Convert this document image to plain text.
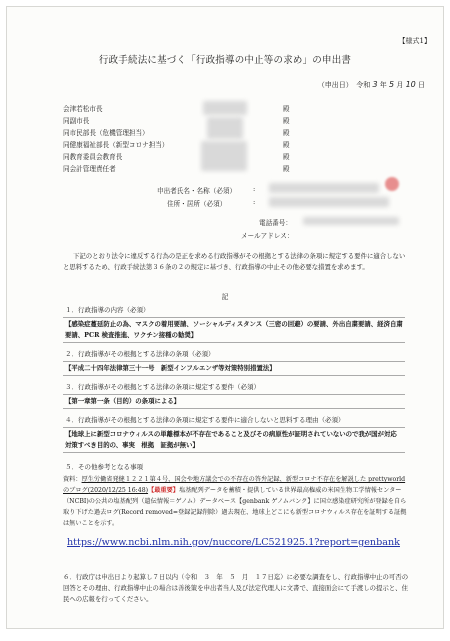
【様式1】
行政手続法に基づく「行政指導の中止等の求め」の申出書
（申出日）　令和 3 年 5 月 10 日
会津若松市長	殿
同副市長	殿
同市民部長（危機管理担当）	殿
同健康福祉部長（新型コロナ担当）	殿
同教育委員会教育長	殿
同会計管理責任者	殿
申出者氏名・名称（必須）	:
住所・居所（必須）	:
電話番号：
メールアドレス：
下記のとおり法令に違反する行為の是正を求める行政指導がその根拠とする法律の条項に規定する要件に適合しないと思料するため、行政手続法第３６条の２の規定に基づき、行政指導の中止その他必要な措置を求めます。
記
１．行政指導の内容（必須）
【感染症蔓延防止の為、マスクの着用要請、ソーシャルディスタンス（三密の回避）の要請、外出自粛要請、経済自粛要請、PCR 検査推進、ワクチン接種の勧奨】
２．行政指導がその根拠とする法律の条項（必須）
【平成二十四年法律第三十一号　新型インフルエンザ等対策特別措置法】
３．行政指導がその根拠とする法律の条項に規定する要件（必須）
【第一章第一条（目的）の条項による】
４．行政指導がその根拠とする法律の条項に規定する要件に適合しないと思料する理由（必須）
【地球上に新型コロナウィルスの単離標本が不存在であること及びその病原性が証明されていないので我が国が対応対策すべき目的の、事実　根拠　証拠が無い】
５．その他参考となる事項
資料：厚生労働省発健１２２１第４号、国会や地方議会での不存在の答弁記録、新型コロナ不存在を解説した prettyworld のブログ(2020/12/25 16:48)【最重要】塩基配列データを蓄積・提供している世界最高権威の米国生物工学情報センター（NCBI)の公共の塩基配列（遺伝情報＝ゲノム）データベース【genbank ゲノムバンク】に国立感染症研究所が登録を自ら取り下げた過去ログ(Record removed=登録記録削除）過去現在、地球上どこにも新型コロナウィルス存在を証明する証拠は無いことを示す。
https://www.ncbi.nlm.nih.gov/nuccore/LC521925.1?report=genbank
６．行政庁は申出日より起算し７日以内（令和　３　年　５　月　１７日迄）に必要な調査をし、行政指導中止の可否の回答とその理由、行政指導中止の場合は善後策を申出者当人及び法定代理人に文書で、直接面会にて手渡しの提示と、住民への広報を行ってください。
